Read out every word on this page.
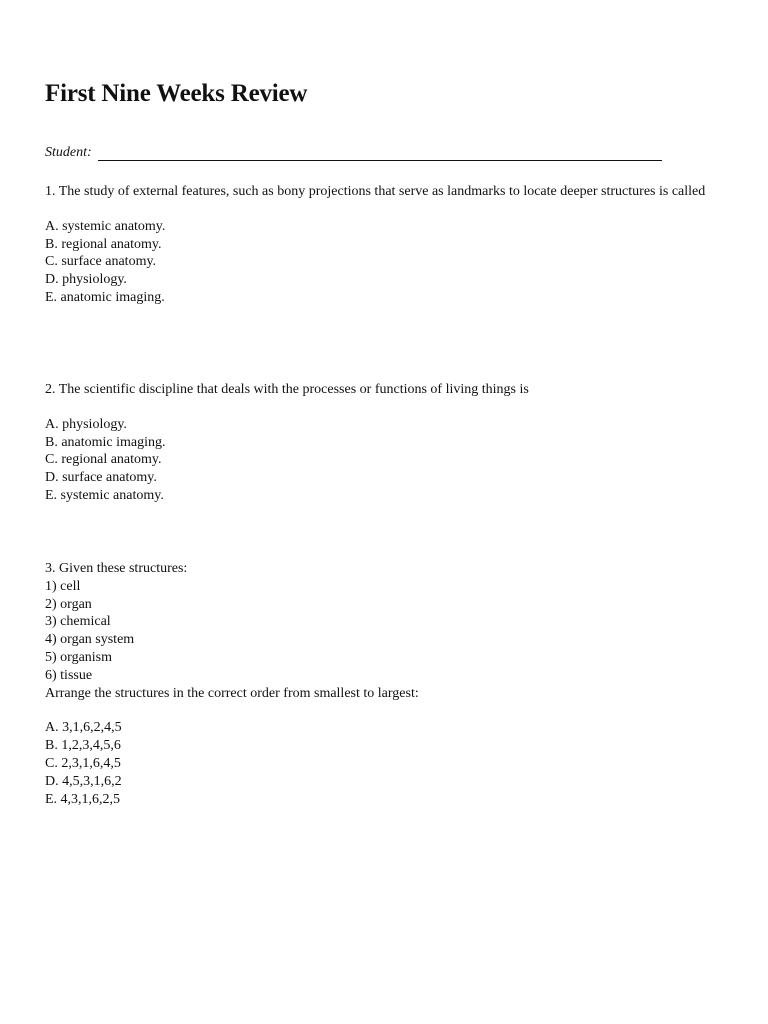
First Nine Weeks Review
Student:

1. The study of external features, such as bony projections that serve as landmarks to locate deeper structures is called

A. systemic anatomy.
B. regional anatomy.
C. surface anatomy.
D. physiology.
E. anatomic imaging.

2. The scientific discipline that deals with the processes or functions of living things is

A. physiology.
B. anatomic imaging.
C. regional anatomy.
D. surface anatomy.
E. systemic anatomy.

3. Given these structures:

1) cell
2) organ
3) chemical
4) organ system
5) organism
6) tissue

Arrange the structures in the correct order from smallest to largest:

A. 3,1,6,2,4,5
B. 1,2,3,4,5,6
C. 2,3,1,6,4,5
D. 4,5,3,1,6,2
E. 4,3,1,6,2,5
